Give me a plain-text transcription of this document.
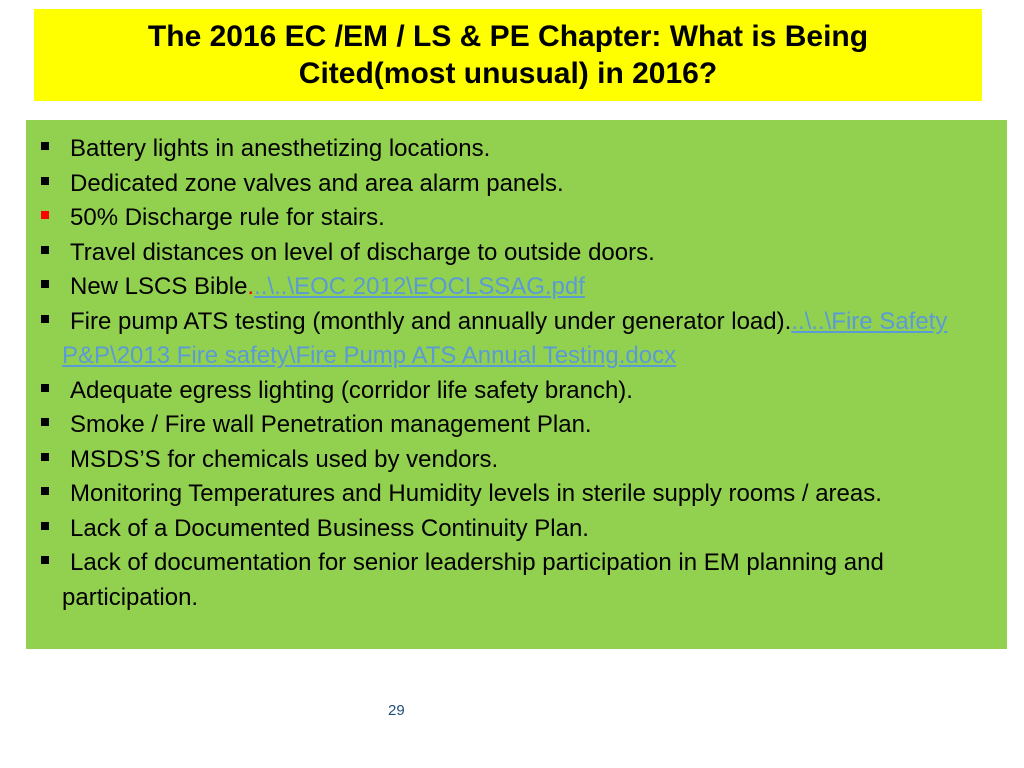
The 2016 EC /EM / LS & PE Chapter: What is Being Cited(most unusual) in 2016?
Battery lights in anesthetizing locations.
Dedicated zone valves and area alarm panels.
50% Discharge rule for stairs.
Travel distances on level of discharge to outside doors.
New LSCS Bible...\..\EOC 2012\EOCLSSAG.pdf
Fire pump ATS testing (monthly and annually under generator load)...\..\Fire Safety P&P\2013 Fire safety\Fire Pump ATS Annual Testing.docx
Adequate egress lighting (corridor life safety branch).
Smoke / Fire wall Penetration management Plan.
MSDS’S for chemicals used by vendors.
Monitoring Temperatures and Humidity levels in sterile supply rooms / areas.
Lack of a Documented Business Continuity Plan.
Lack of documentation for senior leadership participation in EM planning and participation.
29
